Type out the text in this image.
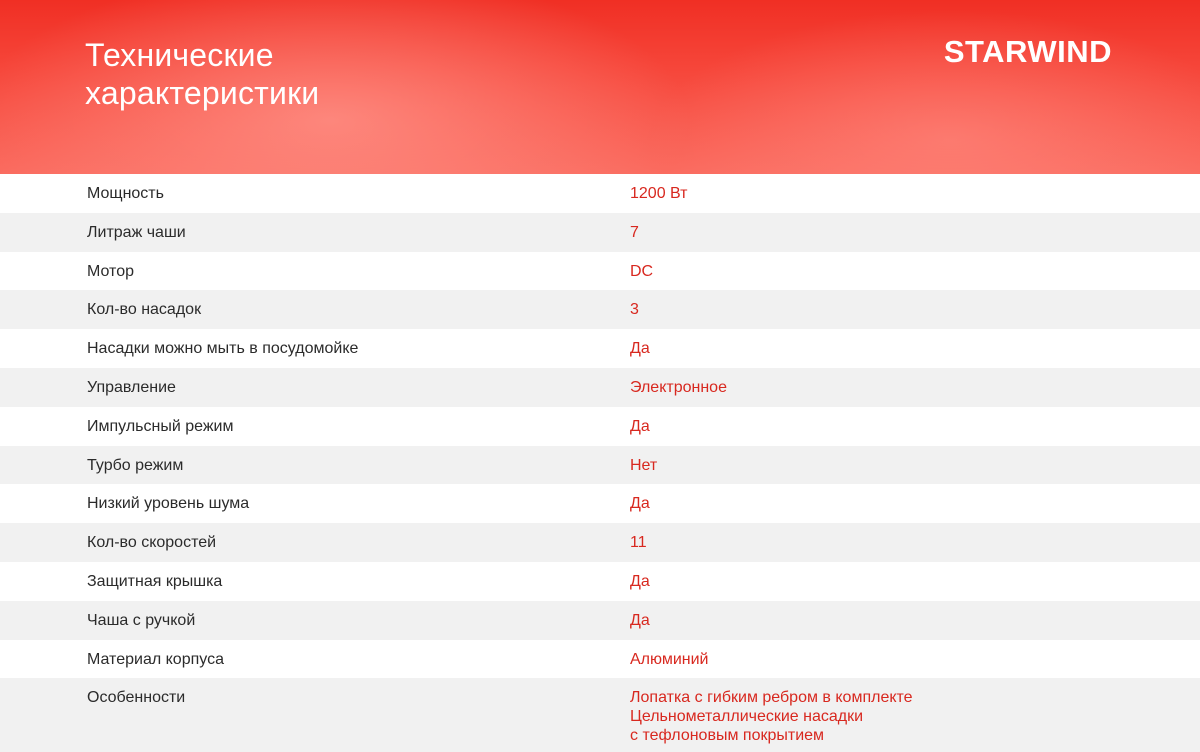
Технические
характеристики
STARWIND
Мощность	1200 Вт
Литраж чаши	7
Мотор	DC
Кол-во насадок	3
Насадки можно мыть в посудомойке	Да
Управление	Электронное
Импульсный режим	Да
Турбо режим	Нет
Низкий уровень шума	Да
Кол-во скоростей	11
Защитная крышка	Да
Чаша с ручкой	Да
Материал корпуса	Алюминий
Особенности	Лопатка с гибким ребром в комплекте
Цельнометаллические насадки
с тефлоновым покрытием
